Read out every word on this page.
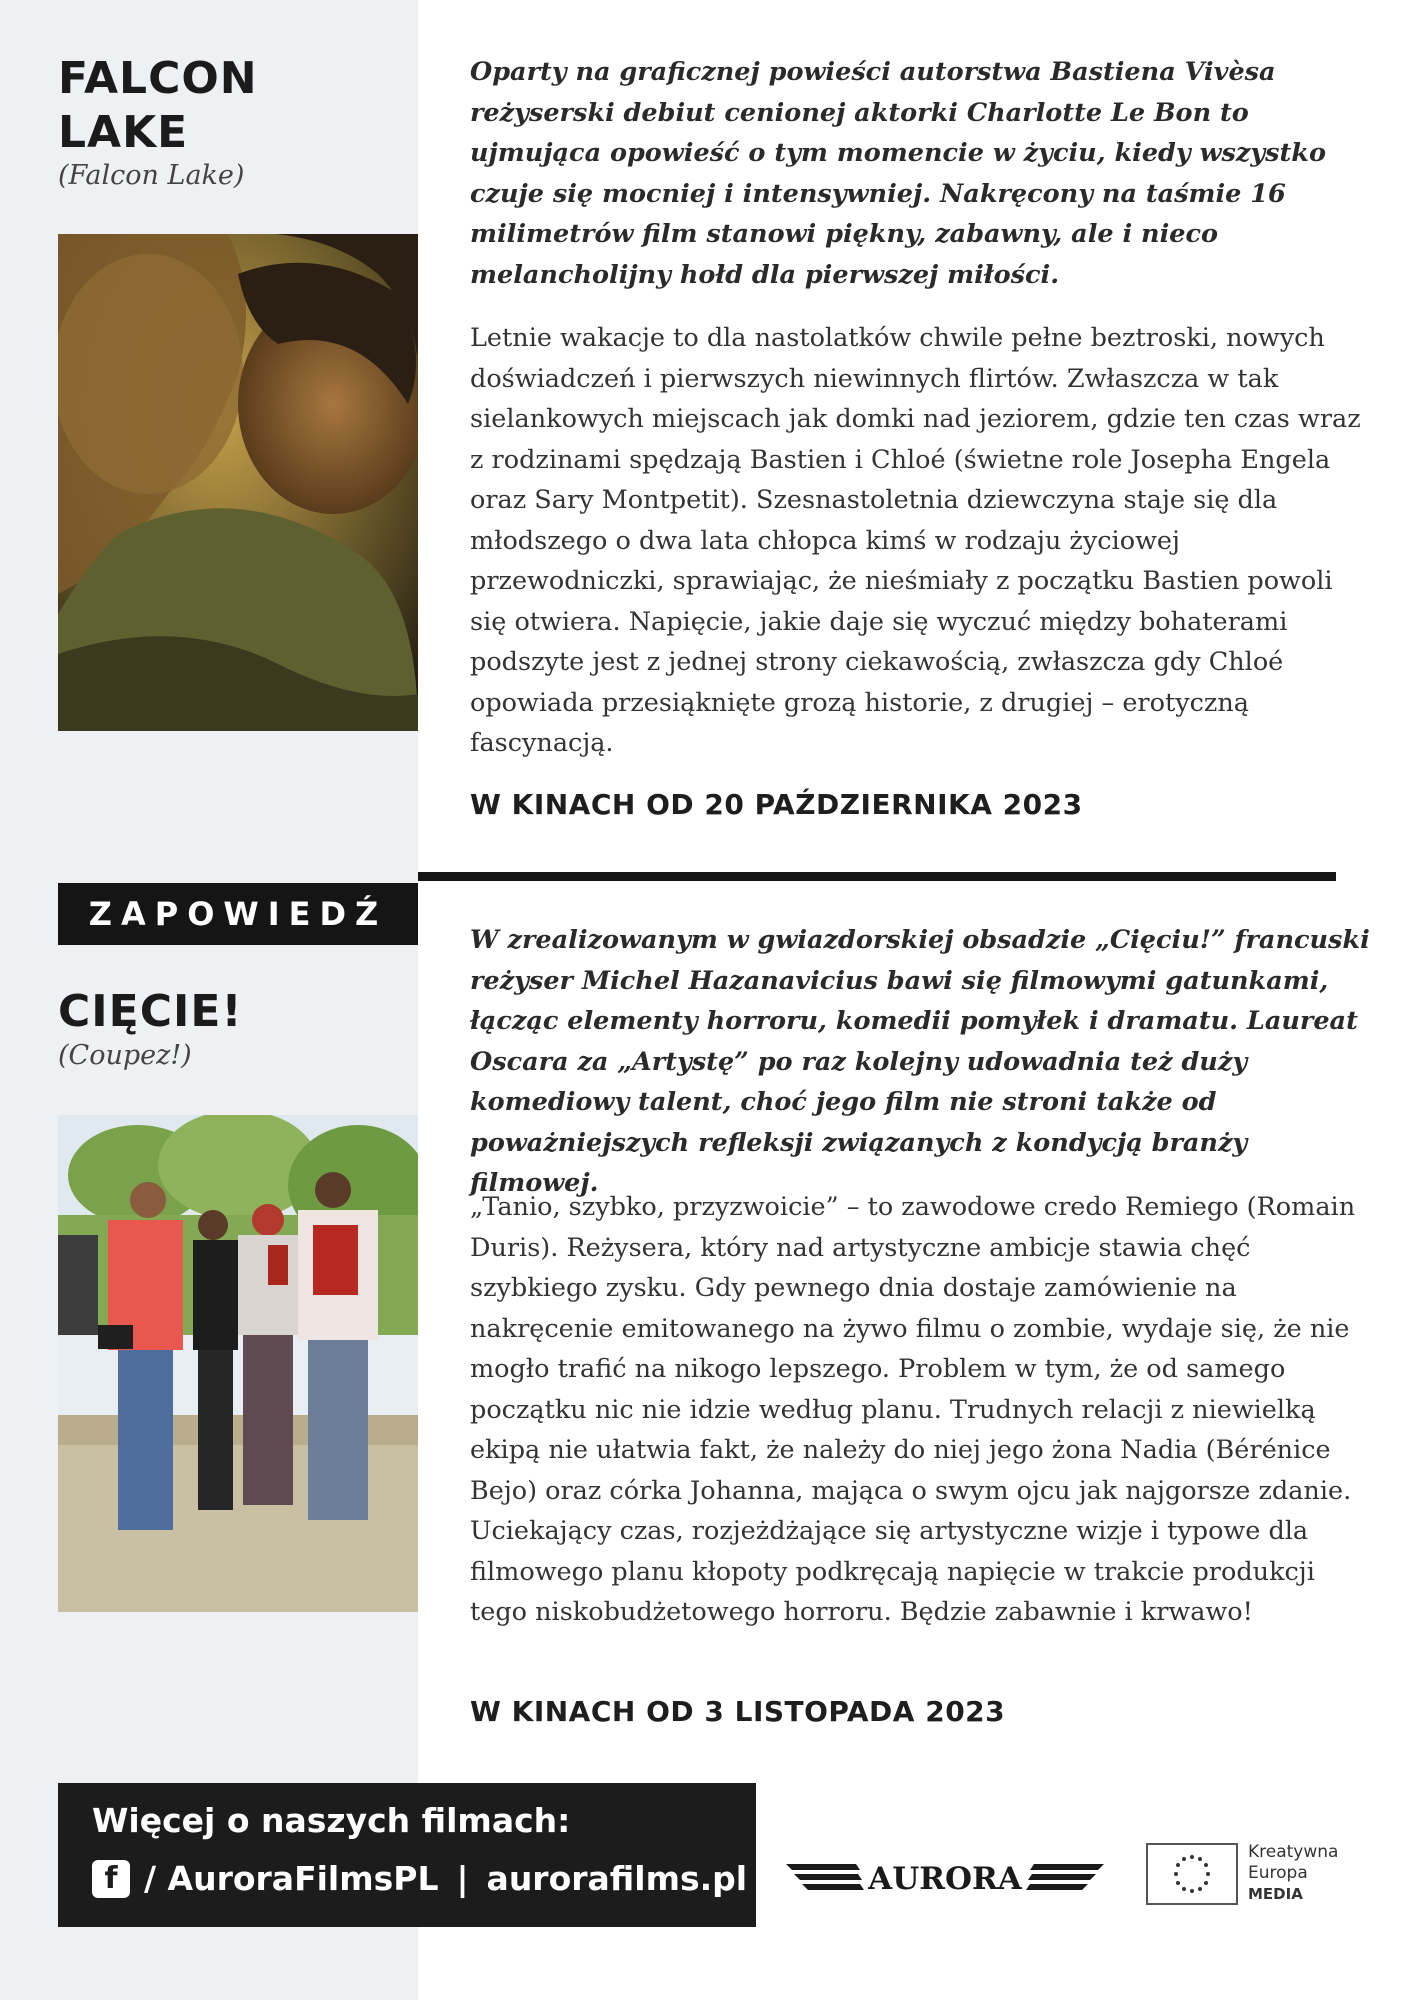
FALCON
LAKE
(Falcon Lake)

Oparty na graficznej powieści autorstwa Bastiena Vivèsa reżyserski debiut cenionej aktorki Charlotte Le Bon to ujmująca opowieść o tym momencie w życiu, kiedy wszystko czuje się mocniej i intensywniej. Nakręcony na taśmie 16 milimetrów film stanowi piękny, zabawny, ale i nieco melancholijny hołd dla pierwszej miłości.

Letnie wakacje to dla nastolatków chwile pełne beztroski, nowych doświadczeń i pierwszych niewinnych flirtów. Zwłaszcza w tak sielankowych miejscach jak domki nad jeziorem, gdzie ten czas wraz z rodzinami spędzają Bastien i Chloé (świetne role Josepha Engela oraz Sary Montpetit). Szesnastoletnia dziewczyna staje się dla młodszego o dwa lata chłopca kimś w rodzaju życiowej przewodniczki, sprawiając, że nieśmiały z początku Bastien powoli się otwiera. Napięcie, jakie daje się wyczuć między bohaterami podszyte jest z jednej strony ciekawością, zwłaszcza gdy Chloé opowiada przesiąknięte grozą historie, z drugiej – erotyczną fascynacją.

W KINACH OD 20 PAŹDZIERNIKA 2023
ZAPOWIEDŹ
CIĘCIE!
(Coupez!)

W zrealizowanym w gwiazdorskiej obsadzie „Cięciu!” francuski reżyser Michel Hazanavicius bawi się filmowymi gatunkami, łącząc elementy horroru, komedii pomyłek i dramatu. Laureat Oscara za „Artystę” po raz kolejny udowadnia też duży komediowy talent, choć jego film nie stroni także od poważniejszych refleksji związanych z kondycją branży filmowej.

„Tanio, szybko, przyzwoicie” – to zawodowe credo Remiego (Romain Duris). Reżysera, który nad artystyczne ambicje stawia chęć szybkiego zysku. Gdy pewnego dnia dostaje zamówienie na nakręcenie emitowanego na żywo filmu o zombie, wydaje się, że nie mogło trafić na nikogo lepszego. Problem w tym, że od samego początku nic nie idzie według planu. Trudnych relacji z niewielką ekipą nie ułatwia fakt, że należy do niej jego żona Nadia (Bérénice Bejo) oraz córka Johanna, mająca o swym ojcu jak najgorsze zdanie. Uciekający czas, rozjeżdżające się artystyczne wizje i typowe dla filmowego planu kłopoty podkręcają napięcie w trakcie produkcji tego niskobudżetowego horroru. Będzie zabawnie i krwawo!

W KINACH OD 3 LISTOPADA 2023
Więcej o naszych filmach:
f / AuroraFilmsPL | aurorafilms.pl	AURORA
Kreatywna
Europa
MEDIA
